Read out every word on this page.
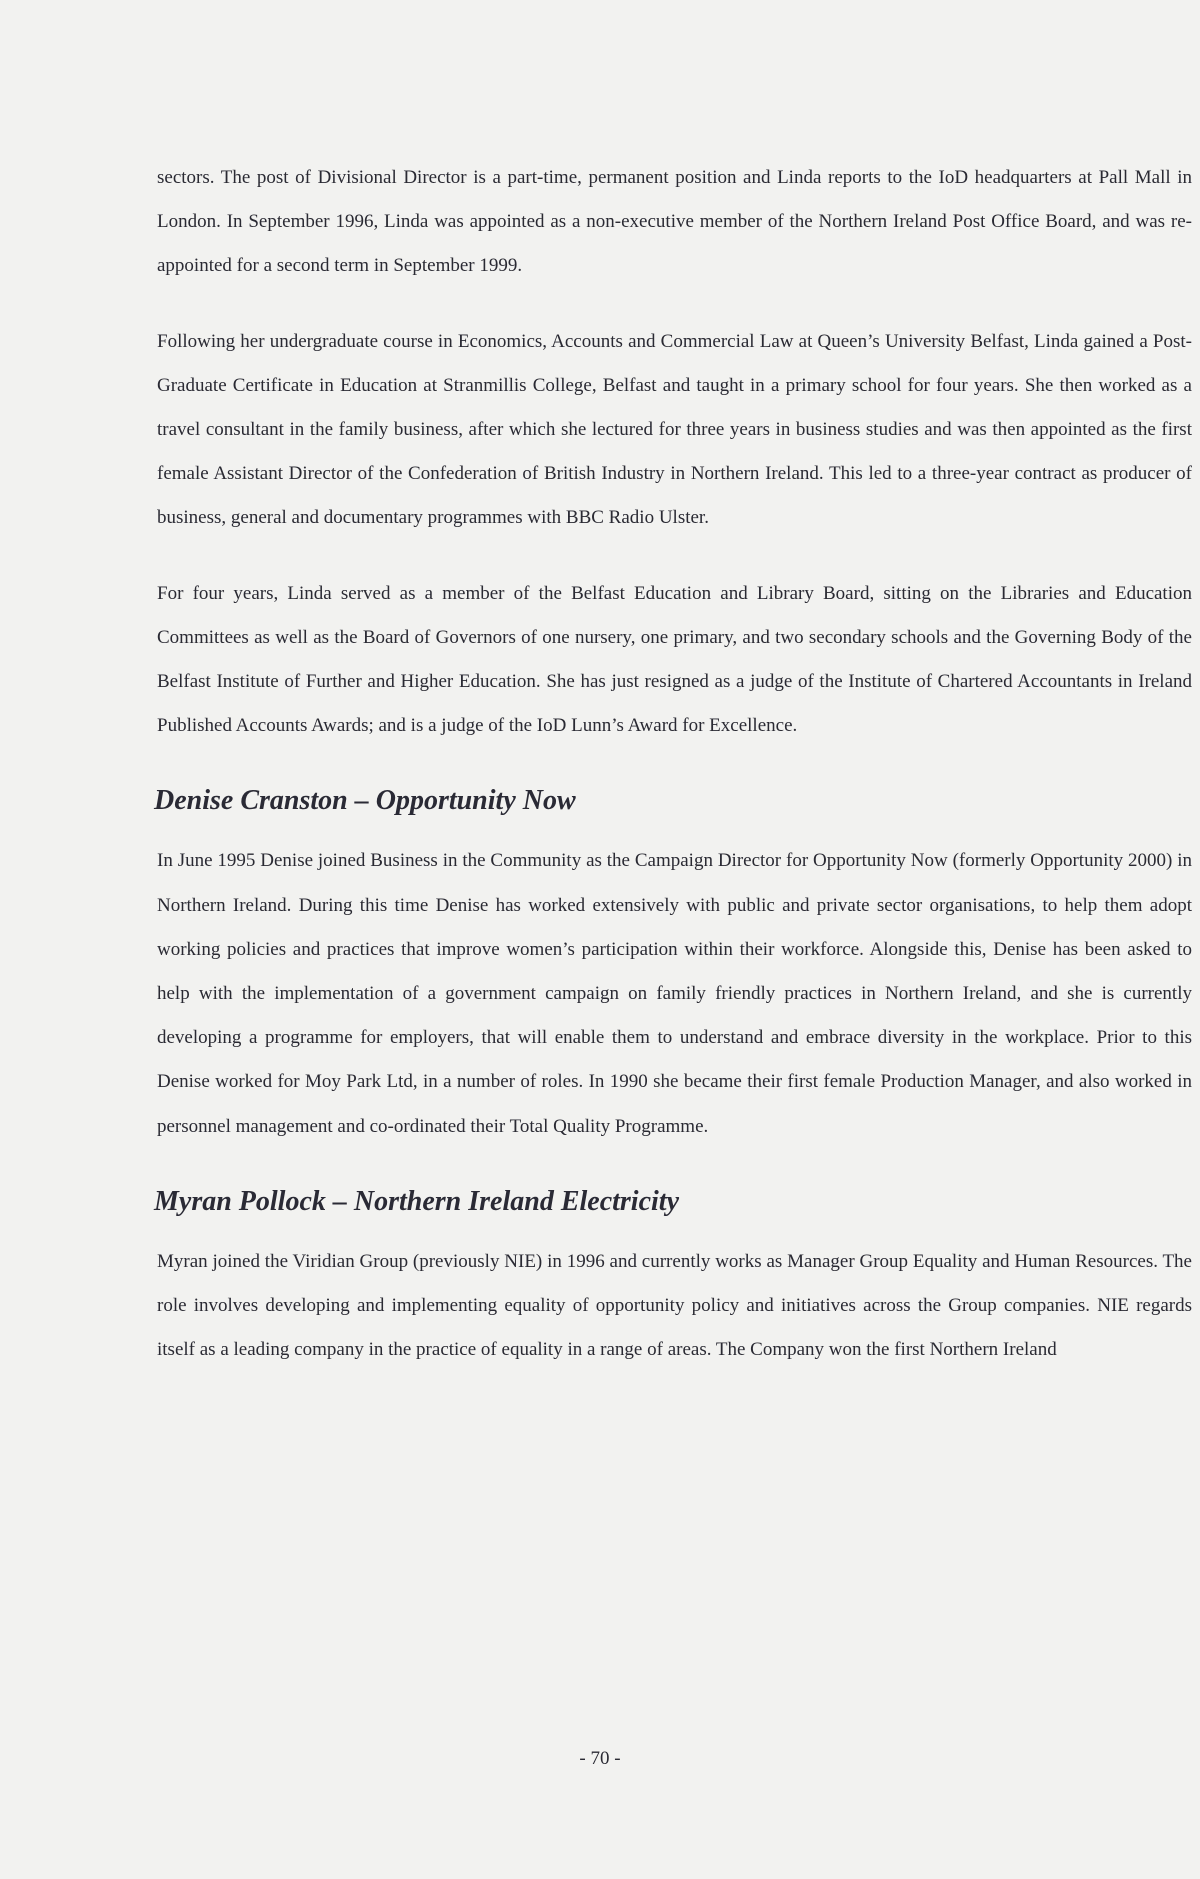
sectors. The post of Divisional Director is a part-time, permanent position and Linda reports to the IoD headquarters at Pall Mall in London. In September 1996, Linda was appointed as a non-executive member of the Northern Ireland Post Office Board, and was re-appointed for a second term in September 1999.

Following her undergraduate course in Economics, Accounts and Commercial Law at Queen’s University Belfast, Linda gained a Post-Graduate Certificate in Education at Stranmillis College, Belfast and taught in a primary school for four years. She then worked as a travel consultant in the family business, after which she lectured for three years in business studies and was then appointed as the first female Assistant Director of the Confederation of British Industry in Northern Ireland. This led to a three-year contract as producer of business, general and documentary programmes with BBC Radio Ulster.

For four years, Linda served as a member of the Belfast Education and Library Board, sitting on the Libraries and Education Committees as well as the Board of Governors of one nursery, one primary, and two secondary schools and the Governing Body of the Belfast Institute of Further and Higher Education. She has just resigned as a judge of the Institute of Chartered Accountants in Ireland Published Accounts Awards; and is a judge of the IoD Lunn’s Award for Excellence.

Denise Cranston – Opportunity Now

In June 1995 Denise joined Business in the Community as the Campaign Director for Opportunity Now (formerly Opportunity 2000) in Northern Ireland. During this time Denise has worked extensively with public and private sector organisations, to help them adopt working policies and practices that improve women’s participation within their workforce. Alongside this, Denise has been asked to help with the implementation of a government campaign on family friendly practices in Northern Ireland, and she is currently developing a programme for employers, that will enable them to understand and embrace diversity in the workplace. Prior to this Denise worked for Moy Park Ltd, in a number of roles. In 1990 she became their first female Production Manager, and also worked in personnel management and co-ordinated their Total Quality Programme.

Myran Pollock – Northern Ireland Electricity

Myran joined the Viridian Group (previously NIE) in 1996 and currently works as Manager Group Equality and Human Resources. The role involves developing and implementing equality of opportunity policy and initiatives across the Group companies. NIE regards itself as a leading company in the practice of equality in a range of areas. The Company won the first Northern Ireland

- 70 -
